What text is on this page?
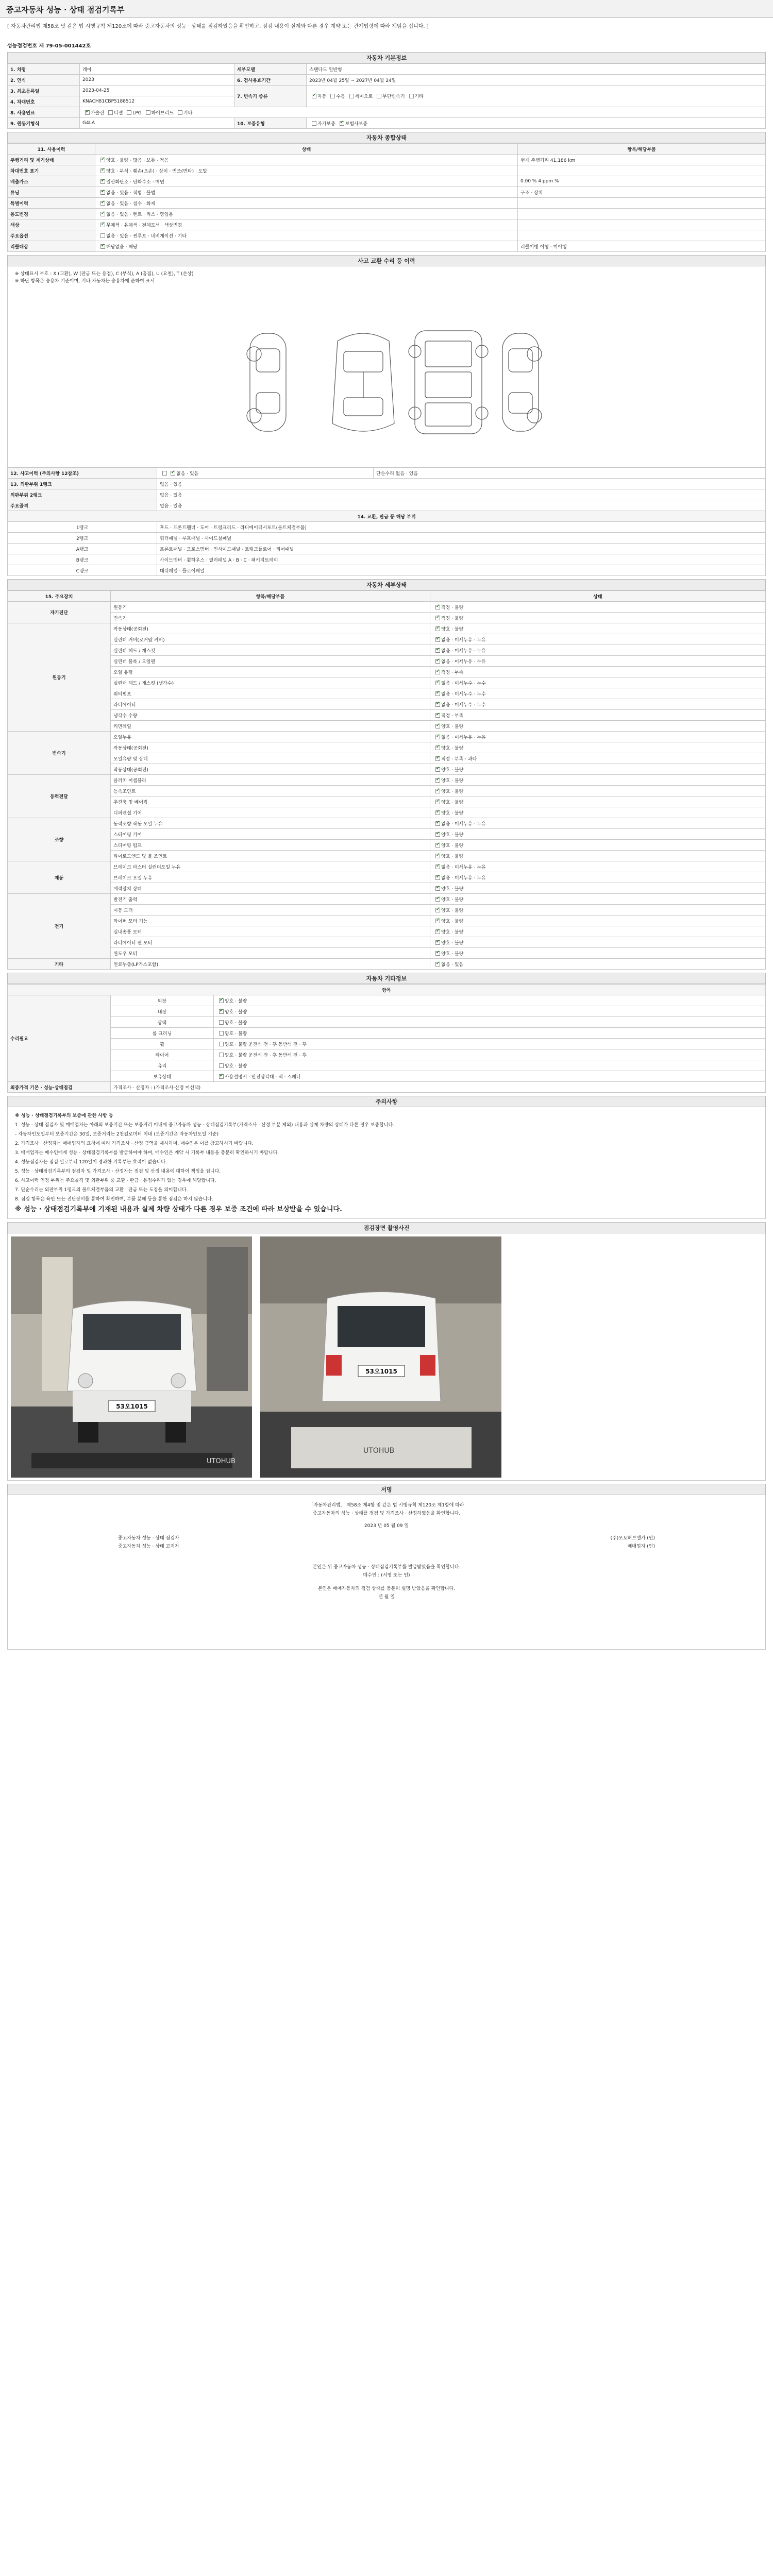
중고자동차 성능 · 상태 점검기록부
[ 자동차관리법 제58조 및 같은 법 시행규칙 제120조에 따라 중고자동차의 성능 · 상태를 점검하였음을 확인하고, 점검 내용이 실제와 다른 경우 계약 또는 관계법령에 따라 책임을 집니다. ]
성능점검번호 제 79-05-001442호
자동차 기본정보
1. 차명	레이	세부모델	스탠다드 일반형
2. 연식	2023	6. 검사유효기간	2023년 04월 25일 ~ 2027년 04월 24일
3. 최초등록일	2023-04-25	7. 변속기 종류	✔자동 수동 세미오토 무단변속기 기타
4. 차대번호	KNACH81CBP5188512		
8. 사용연료	✔가솔린 디젤 LPG 하이브리드 기타
9. 원동기형식	G4LA	10. 보증유형	자가보증 ✔ 보험사보증
자동차 종합상태
11. 사용이력	상태	항목/해당부품
주행거리 및 계기상태	✔양호 · 불량 · 많음 · 보통 · 적음	현재 주행거리 41,186 km
차대번호 표기	✔양호 · 부식 · 훼손(오손) · 상이 · 변조(변타) · 도말	
배출가스	✔일산화탄소 · 탄화수소 · 매연	0.00 % 4 ppm %
튜닝	✔없음 · 있음 · 적법 · 불법	구조 · 장치
특별이력	✔없음 · 있음 · 침수 · 화재	
용도변경	✔없음 · 있음 · 렌트 · 리스 · 영업용	
색상	✔무채색 · 유채색 · 전체도색 · 색상변경	
주요옵션	없음 · 있음 · 썬루프 · 네비게이션 · 기타	
리콜대상	✔해당없음 · 해당	리콜이행 이행 · 미이행
사고 교환 수리 등 이력
※ 상태표시 부호 : X (교환), W (판금 또는 용접), C (부식), A (흠집), U (요철), T (손상)
※ 하단 항목은 승용차 기준이며, 기타 자동차는 승용차에 준하여 표시
12. 사고이력 (주의사항 12참조)	✔없음 · 있음	단순수리 없음 · 있음
13. 외판부위 1랭크	없음 · 있음	
외판부위 2랭크	없음 · 있음	
주요골격	없음 · 있음	
14. 교환, 판금 등 해당 부위		
1랭크	후드 · 프론트휀더 · 도어 · 트렁크리드 · 라디에이터서포트(볼트체결부품)	
2랭크	쿼터패널 · 루프패널 · 사이드실패널	
A랭크	프론트패널 · 크로스멤버 · 인사이드패널 · 트렁크플로어 · 리어패널	
B랭크	사이드멤버 · 휠하우스 · 필러패널 A · B · C · 패키지트레이	
C랭크	대쉬패널 · 플로어패널	
자동차 세부상태
15. 주요장치	항목/해당부품	상태
자기진단	원동기	✔적정 · 불량
	변속기	✔적정 · 불량
원동기	작동상태(공회전)	✔양호 · 불량
	실린더 커버(로커암 커버)	✔없음 · 미세누유 · 누유
	실린더 헤드 / 개스킷	✔없음 · 미세누유 · 누유
	실린더 블록 / 오일팬	✔없음 · 미세누유 · 누유
	오일 유량	✔적정 · 부족
	실린더 헤드 / 개스킷 (냉각수)	✔없음 · 미세누수 · 누수
	워터펌프	✔없음 · 미세누수 · 누수
	라디에이터	✔없음 · 미세누수 · 누수
	냉각수 수량	✔적정 · 부족
	커먼레일	✔양호 · 불량
변속기	오일누유	✔없음 · 미세누유 · 누유
	작동상태(공회전)	✔양호 · 불량
	오일유량 및 상태	✔적정 · 부족 · 과다
	작동상태(공회전)	✔양호 · 불량
동력전달	클러치 어셈블리	✔양호 · 불량
	등속조인트	✔양호 · 불량
	추진축 및 베어링	✔양호 · 불량
	디퍼렌셜 기어	✔양호 · 불량
조향	동력조향 작동 오일 누유	✔없음 · 미세누유 · 누유
	스티어링 기어	✔양호 · 불량
	스티어링 펌프	✔양호 · 불량
	타이로드엔드 및 볼 조인트	✔양호 · 불량
제동	브레이크 마스터 실린더오일 누유	✔없음 · 미세누유 · 누유
	브레이크 오일 누유	✔없음 · 미세누유 · 누유
	배력장치 상태	✔양호 · 불량
전기	발전기 출력	✔양호 · 불량
	시동 모터	✔양호 · 불량
	와이퍼 모터 기능	✔양호 · 불량
	실내송풍 모터	✔양호 · 불량
	라디에이터 팬 모터	✔양호 · 불량
	윈도우 모터	✔양호 · 불량
기타	연료누출(LP가스포함)	✔없음 · 있음
자동차 기타정보
항목		
수리필요	외장	✔양호 · 불량
	내장	✔양호 · 불량
	광택	양호 · 불량
	룸 크리닝	양호 · 불량
	휠	양호 · 불량 운전석 전 · 후 동반석 전 · 후
	타이어	양호 · 불량 운전석 전 · 후 동반석 전 · 후
	유리	양호 · 불량
	보유상태	✔사용설명서 · 안전삼각대 · 잭 · 스패너
최종가격 기본 · 성능·상태점검	가격조사 · 산정자 : (가격조사·산정 미선택)	
주의사항

※ 성능 · 상태점검기록부의 보증에 관한 사항 등

1. 성능 · 상태 점검자 및 매매업자는 아래의 보증기간 또는 보증거리 이내에 중고자동차 성능 · 상태점검기록부(가격조사 · 산정 부분 제외) 내용과 실제 차량의 상태가 다른 경우 보증합니다.

- 자동차인도일부터 보증기간은 30일, 보증거리는 2천킬로미터 이내 (보증기간은 자동차인도일 기준)

2. 가격조사 · 산정자는 매매업자의 요청에 따라 가격조사 · 산정 금액을 제시하며, 매수인은 이를 참고하시기 바랍니다.

3. 매매업자는 매수인에게 성능 · 상태점검기록부를 발급하여야 하며, 매수인은 계약 시 기록부 내용을 충분히 확인하시기 바랍니다.

4. 성능점검자는 점검 일로부터 120일이 경과한 기록부는 효력이 없습니다.

5. 성능 · 상태점검기록부의 점검자 및 가격조사 · 산정자는 점검 및 산정 내용에 대하여 책임을 집니다.

6. 사고이력 인정 부위는 주요골격 및 외판부위 중 교환 · 판금 · 용접수리가 있는 경우에 해당합니다.

7. 단순수리는 외판부위 1랭크의 볼트체결부품의 교환 · 판금 또는 도장을 의미합니다.

8. 점검 항목은 육안 또는 진단장비를 통하여 확인하며, 부품 분해 등을 통한 점검은 하지 않습니다.

※ 성능 · 상태점검기록부에 기재된 내용과 실제 차량 상태가 다른 경우 보증 조건에 따라 보상받을 수 있습니다.
점검장면 촬영사진
53오1015
UTOHUB
53오1015
UTOHUB
서명
「자동차관리법」 제58조 제4항 및 같은 법 시행규칙 제120조 제1항에 따라
중고자동차의 성능 · 상태를 점검 및 가격조사 · 산정하였음을 확인합니다.
2023 년 05 월 09 일
중고자동차 성능 · 상태 점검자	(주)오토허브셀카 (인)
중고자동차 성능 · 상태 고지자	매매업자 (인)
본인은 위 중고자동차 성능 · 상태점검기록부를 발급받았음을 확인합니다.
매수인 : (서명 또는 인)
본인은 매매자동차의 점검 상태를 충분히 설명 받았음을 확인합니다.
년 월 일
